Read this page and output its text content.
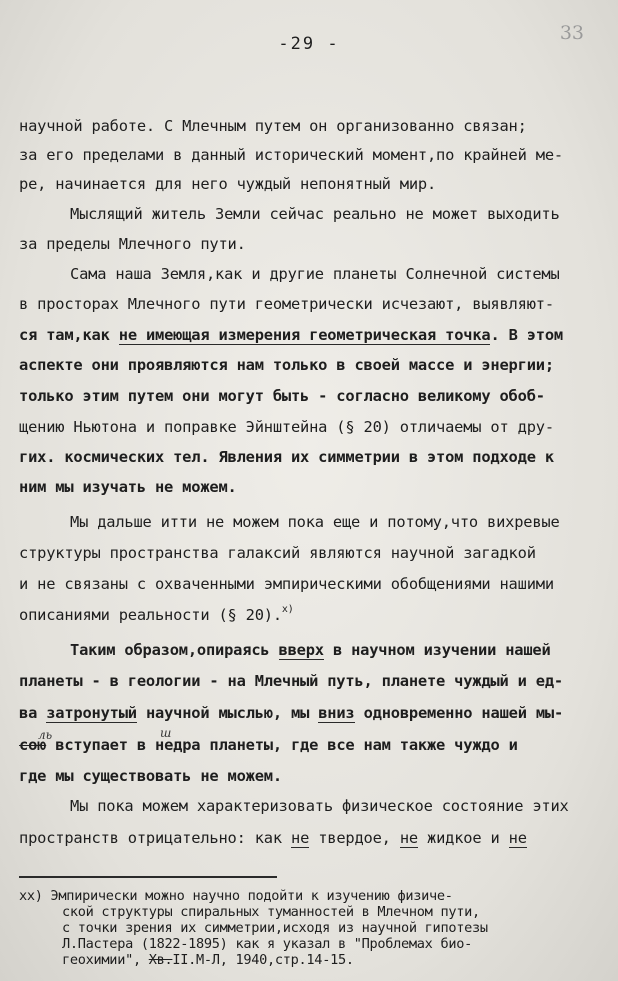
-29 -	33
научной работе. С Млечным путем он организованно связан;
за его пределами в данный исторический момент,по крайней ме-
ре, начинается для него чуждый непонятный мир.
Мыслящий житель Земли сейчас реально не может выходить
за пределы Млечного пути.
Сама наша Земля,как и другие планеты Солнечной системы
в просторах Млечного пути геометрически исчезают, выявляют-
ся там,как не имеющая измерения геометрическая точка. В этом
аспекте они проявляются нам только в своей массе и энергии;
только этим путем они могут быть - согласно великому обоб-
щению Ньютона и поправке Эйнштейна (§ 20) отличаемы от дру-
гих. космических тел. Явления их симметрии в этом подходе к
ним мы изучать не можем.
Мы дальше итти не можем пока еще и потому,что вихревые
структуры пространства галаксий являются научной загадкой
и не связаны с охваченными эмпирическими обобщениями нашими
описаниями реальности (§ 20).$^{х)}$
Таким образом,опираясь вверх в научном изучении нашей
планеты - в геологии - на Млечный путь, планете чуждый и ед-
ва затронутый научной мыслью, мы вниз одновременно нашей мы-
ль	ш
сою вступает в недра планеты, где все нам также чуждо и
где мы существовать не можем.
Мы пока можем характеризовать физическое состояние этих
пространств отрицательно: как не твердое, не жидкое и не
хх) Эмпирически можно научно подойти к изучению физиче-
ской структуры спиральных туманностей в Млечном пути,
с точки зрения их симметрии,исходя из научной гипотезы
Л.Пастера (1822-1895) как я указал в "Проблемах био-
геохимии", Хв.II.М-Л, 1940,стр.14-15.
